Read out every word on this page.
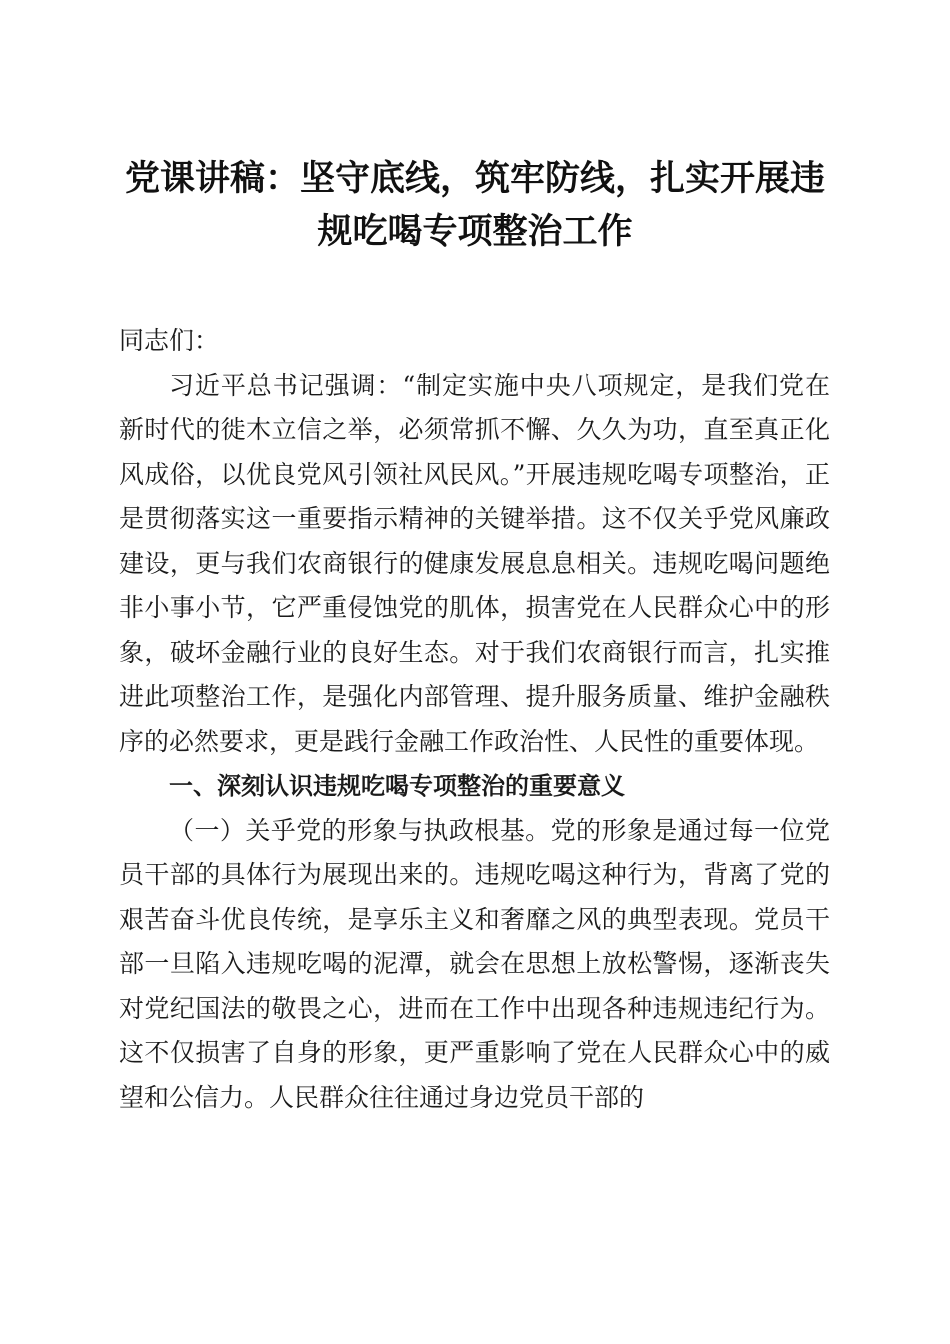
党课讲稿：坚守底线，筑牢防线，扎实开展违
规吃喝专项整治工作

同志们：

习近平总书记强调：“制定实施中央八项规定，是我们党在新时代的徙木立信之举，必须常抓不懈、久久为功，直至真正化风成俗，以优良党风引领社风民风。”开展违规吃喝专项整治，正是贯彻落实这一重要指示精神的关键举措。这不仅关乎党风廉政建设，更与我们农商银行的健康发展息息相关。违规吃喝问题绝非小事小节，它严重侵蚀党的肌体，损害党在人民群众心中的形象，破坏金融行业的良好生态。对于我们农商银行而言，扎实推进此项整治工作，是强化内部管理、提升服务质量、维护金融秩序的必然要求，更是践行金融工作政治性、人民性的重要体现。

一、深刻认识违规吃喝专项整治的重要意义

（一）关乎党的形象与执政根基。党的形象是通过每一位党员干部的具体行为展现出来的。违规吃喝这种行为，背离了党的艰苦奋斗优良传统，是享乐主义和奢靡之风的典型表现。党员干部一旦陷入违规吃喝的泥潭，就会在思想上放松警惕，逐渐丧失对党纪国法的敬畏之心，进而在工作中出现各种违规违纪行为。这不仅损害了自身的形象，更严重影响了党在人民群众心中的威望和公信力。人民群众往往通过身边党员干部的
